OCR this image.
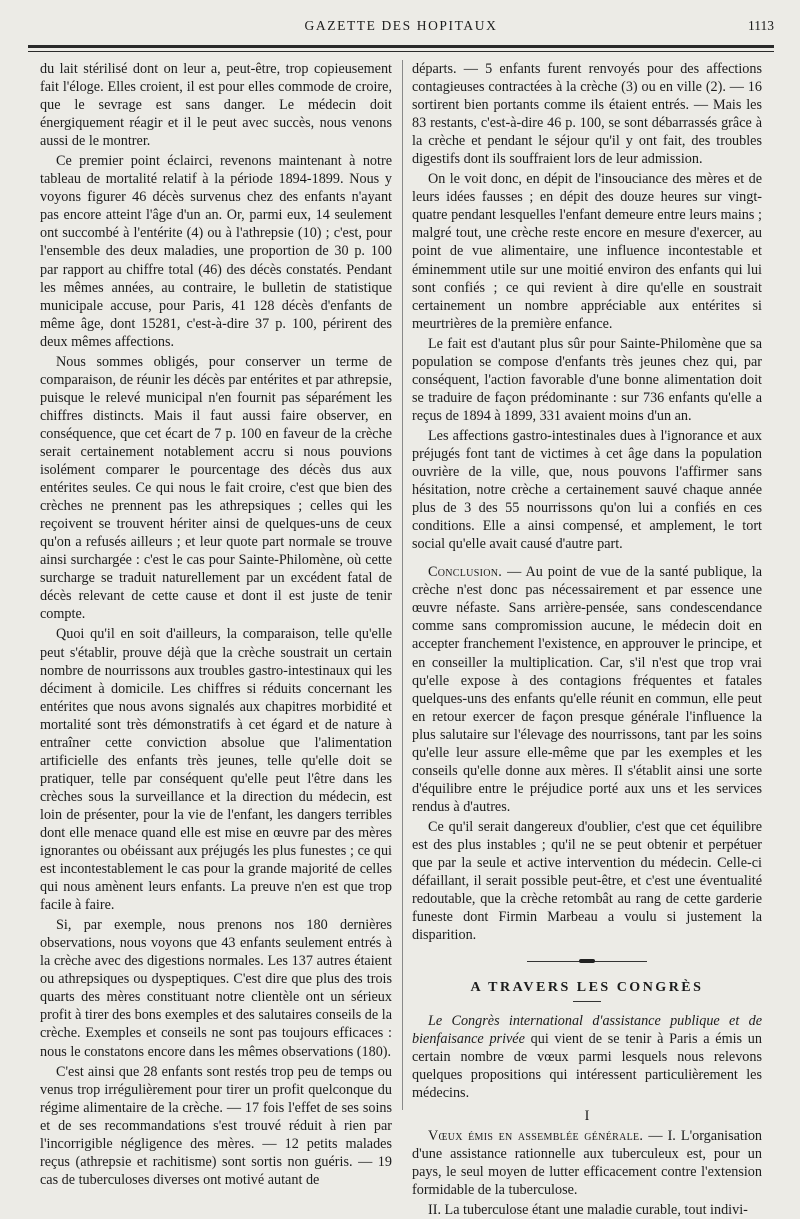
GAZETTE DES HOPITAUX	1113

du lait stérilisé dont on leur a, peut-être, trop copieusement fait l'éloge. Elles croient, il est pour elles commode de croire, que le sevrage est sans danger. Le médecin doit énergiquement réagir et il le peut avec succès, nous venons aussi de le montrer.

Ce premier point éclairci, revenons maintenant à notre tableau de mortalité relatif à la période 1894-1899. Nous y voyons figurer 46 décès survenus chez des enfants n'ayant pas encore atteint l'âge d'un an. Or, parmi eux, 14 seulement ont succombé à l'entérite (4) ou à l'athrepsie (10) ; c'est, pour l'ensemble des deux maladies, une proportion de 30 p. 100 par rapport au chiffre total (46) des décès constatés. Pendant les mêmes années, au contraire, le bulletin de statistique municipale accuse, pour Paris, 41 128 décès d'enfants de même âge, dont 15281, c'est-à-dire 37 p. 100, périrent des deux mêmes affections.

Nous sommes obligés, pour conserver un terme de comparaison, de réunir les décès par entérites et par athrepsie, puisque le relevé municipal n'en fournit pas séparément les chiffres distincts. Mais il faut aussi faire observer, en conséquence, que cet écart de 7 p. 100 en faveur de la crèche serait certainement notablement accru si nous pouvions isolément comparer le pourcentage des décès dus aux entérites seules. Ce qui nous le fait croire, c'est que bien des crèches ne prennent pas les athrepsiques ; celles qui les reçoivent se trouvent hériter ainsi de quelques-uns de ceux qu'on a refusés ailleurs ; et leur quote part normale se trouve ainsi surchargée : c'est le cas pour Sainte-Philomène, où cette surcharge se traduit naturellement par un excédent fatal de décès relevant de cette cause et dont il est juste de tenir compte.

Quoi qu'il en soit d'ailleurs, la comparaison, telle qu'elle peut s'établir, prouve déjà que la crèche soustrait un certain nombre de nourrissons aux troubles gastro-intestinaux qui les déciment à domicile. Les chiffres si réduits concernant les entérites que nous avons signalés aux chapitres morbidité et mortalité sont très démonstratifs à cet égard et de nature à entraîner cette conviction absolue que l'alimentation artificielle des enfants très jeunes, telle qu'elle doit se pratiquer, telle par conséquent qu'elle peut l'être dans les crèches sous la surveillance et la direction du médecin, est loin de présenter, pour la vie de l'enfant, les dangers terribles dont elle menace quand elle est mise en œuvre par des mères ignorantes ou obéissant aux préjugés les plus funestes ; ce qui est incontestablement le cas pour la grande majorité de celles qui nous amènent leurs enfants. La preuve n'en est que trop facile à faire.

Si, par exemple, nous prenons nos 180 dernières observations, nous voyons que 43 enfants seulement entrés à la crèche avec des digestions normales. Les 137 autres étaient ou athrepsiques ou dyspeptiques. C'est dire que plus des trois quarts des mères constituant notre clientèle ont un sérieux profit à tirer des bons exemples et des salutaires conseils de la crèche. Exemples et conseils ne sont pas toujours efficaces : nous le constatons encore dans les mêmes observations (180).

C'est ainsi que 28 enfants sont restés trop peu de temps ou venus trop irrégulièrement pour tirer un profit quelconque du régime alimentaire de la crèche. — 17 fois l'effet de ses soins et de ses recommandations s'est trouvé réduit à rien par l'incorrigible négligence des mères. — 12 petits malades reçus (athrepsie et rachitisme) sont sortis non guéris. — 19 cas de tuberculoses diverses ont motivé autant de

départs. — 5 enfants furent renvoyés pour des affections contagieuses contractées à la crèche (3) ou en ville (2). — 16 sortirent bien portants comme ils étaient entrés. — Mais les 83 restants, c'est-à-dire 46 p. 100, se sont débarrassés grâce à la crèche et pendant le séjour qu'il y ont fait, des troubles digestifs dont ils souffraient lors de leur admission.

On le voit donc, en dépit de l'insouciance des mères et de leurs idées fausses ; en dépit des douze heures sur vingt-quatre pendant lesquelles l'enfant demeure entre leurs mains ; malgré tout, une crèche reste encore en mesure d'exercer, au point de vue alimentaire, une influence incontestable et éminemment utile sur une moitié environ des enfants qui lui sont confiés ; ce qui revient à dire qu'elle en soustrait certainement un nombre appréciable aux entérites si meurtrières de la première enfance.

Le fait est d'autant plus sûr pour Sainte-Philomène que sa population se compose d'enfants très jeunes chez qui, par conséquent, l'action favorable d'une bonne alimentation doit se traduire de façon prédominante : sur 736 enfants qu'elle a reçus de 1894 à 1899, 331 avaient moins d'un an.

Les affections gastro-intestinales dues à l'ignorance et aux préjugés font tant de victimes à cet âge dans la population ouvrière de la ville, que, nous pouvons l'affirmer sans hésitation, notre crèche a certainement sauvé chaque année plus de 3 des 55 nourrissons qu'on lui a confiés en ces conditions. Elle a ainsi compensé, et amplement, le tort social qu'elle avait causé d'autre part.

Conclusion. — Au point de vue de la santé publique, la crèche n'est donc pas nécessairement et par essence une œuvre néfaste. Sans arrière-pensée, sans condescendance comme sans compromission aucune, le médecin doit en accepter franchement l'existence, en approuver le principe, et en conseiller la multiplication. Car, s'il n'est que trop vrai qu'elle expose à des contagions fréquentes et fatales quelques-uns des enfants qu'elle réunit en commun, elle peut en retour exercer de façon presque générale l'influence la plus salutaire sur l'élevage des nourrissons, tant par les soins qu'elle leur assure elle-même que par les exemples et les conseils qu'elle donne aux mères. Il s'établit ainsi une sorte d'équilibre entre le préjudice porté aux uns et les services rendus à d'autres.

Ce qu'il serait dangereux d'oublier, c'est que cet équilibre est des plus instables ; qu'il ne se peut obtenir et perpétuer que par la seule et active intervention du médecin. Celle-ci défaillant, il serait possible peut-être, et c'est une éventualité redoutable, que la crèche retombât au rang de cette garderie funeste dont Firmin Marbeau a voulu si justement la disparition.

A TRAVERS LES CONGRÈS

Le Congrès international d'assistance publique et de bienfaisance privée qui vient de se tenir à Paris a émis un certain nombre de vœux parmi lesquels nous relevons quelques propositions qui intéressent particulièrement les médecins.

I

Vœux émis en assemblée générale. — I. L'organisation d'une assistance rationnelle aux tuberculeux est, pour un pays, le seul moyen de lutter efficacement contre l'extension formidable de la tuberculose.

II. La tuberculose étant une maladie curable, tout indivi-
